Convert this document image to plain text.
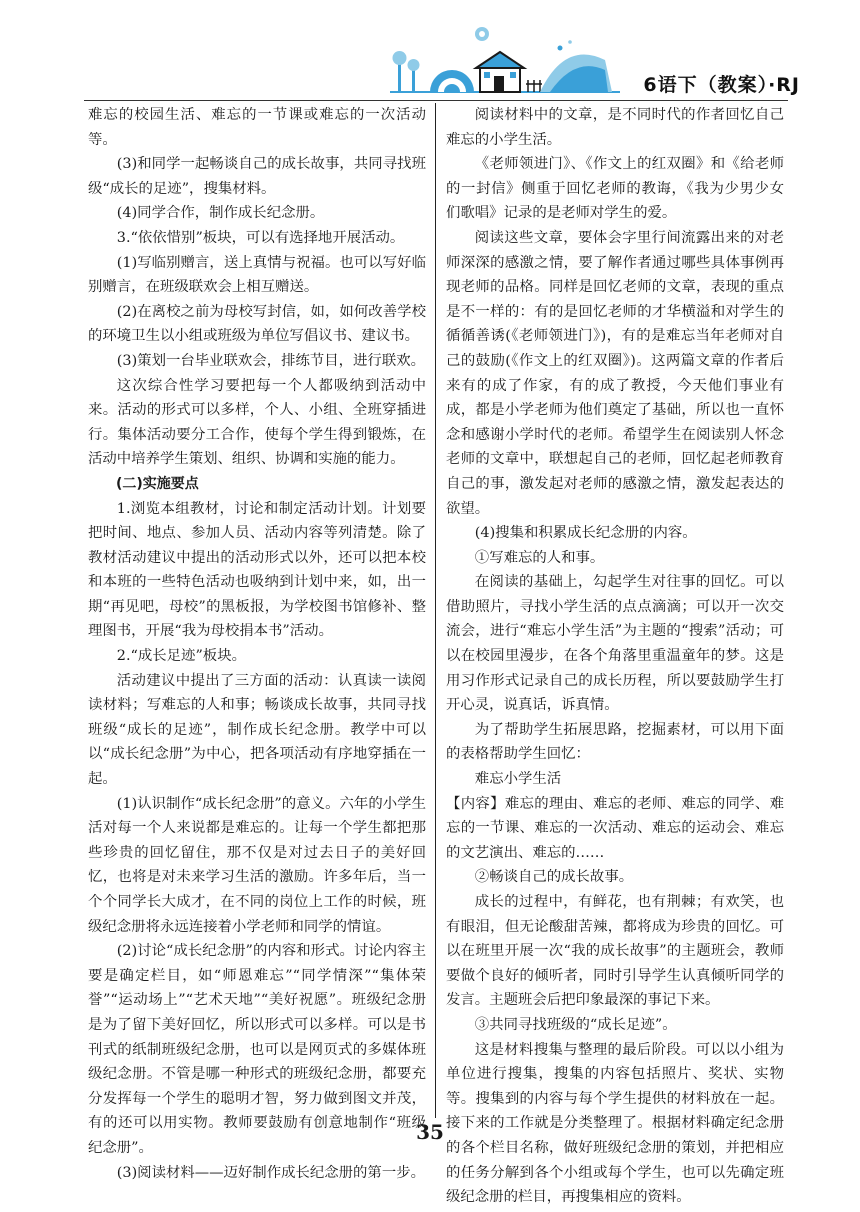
6语下（教案）·RJ

难忘的校园生活、难忘的一节课或难忘的一次活动等。

(3)和同学一起畅谈自己的成长故事，共同寻找班级“成长的足迹”，搜集材料。

(4)同学合作，制作成长纪念册。

3.“依依惜别”板块，可以有选择地开展活动。

(1)写临别赠言，送上真情与祝福。也可以写好临别赠言，在班级联欢会上相互赠送。

(2)在离校之前为母校写封信，如，如何改善学校的环境卫生以小组或班级为单位写倡议书、建议书。

(3)策划一台毕业联欢会，排练节目，进行联欢。

这次综合性学习要把每一个人都吸纳到活动中来。活动的形式可以多样，个人、小组、全班穿插进行。集体活动要分工合作，使每个学生得到锻炼，在活动中培养学生策划、组织、协调和实施的能力。

(二)实施要点

1.浏览本组教材，讨论和制定活动计划。计划要把时间、地点、参加人员、活动内容等列清楚。除了教材活动建议中提出的活动形式以外，还可以把本校和本班的一些特色活动也吸纳到计划中来，如，出一期“再见吧，母校”的黑板报，为学校图书馆修补、整理图书，开展“我为母校捐本书”活动。

2.“成长足迹”板块。

活动建议中提出了三方面的活动：认真读一读阅读材料；写难忘的人和事；畅谈成长故事，共同寻找班级“成长的足迹”，制作成长纪念册。教学中可以以“成长纪念册”为中心，把各项活动有序地穿插在一起。

(1)认识制作“成长纪念册”的意义。六年的小学生活对每一个人来说都是难忘的。让每一个学生都把那些珍贵的回忆留住，那不仅是对过去日子的美好回忆，也将是对未来学习生活的激励。许多年后，当一个个同学长大成才，在不同的岗位上工作的时候，班级纪念册将永远连接着小学老师和同学的情谊。

(2)讨论“成长纪念册”的内容和形式。讨论内容主要是确定栏目，如“师恩难忘”“同学情深”“集体荣誉”“运动场上”“艺术天地”“美好祝愿”。班级纪念册是为了留下美好回忆，所以形式可以多样。可以是书刊式的纸制班级纪念册，也可以是网页式的多媒体班级纪念册。不管是哪一种形式的班级纪念册，都要充分发挥每一个学生的聪明才智，努力做到图文并茂，有的还可以用实物。教师要鼓励有创意地制作“班级纪念册”。

(3)阅读材料——迈好制作成长纪念册的第一步。

阅读材料中的文章，是不同时代的作者回忆自己难忘的小学生活。

《老师领进门》、《作文上的红双圈》和《给老师的一封信》侧重于回忆老师的教诲，《我为少男少女们歌唱》记录的是老师对学生的爱。

阅读这些文章，要体会字里行间流露出来的对老师深深的感激之情，要了解作者通过哪些具体事例再现老师的品格。同样是回忆老师的文章，表现的重点是不一样的：有的是回忆老师的才华横溢和对学生的循循善诱(《老师领进门》)，有的是难忘当年老师对自己的鼓励(《作文上的红双圈》)。这两篇文章的作者后来有的成了作家，有的成了教授，今天他们事业有成，都是小学老师为他们奠定了基础，所以也一直怀念和感谢小学时代的老师。希望学生在阅读别人怀念老师的文章中，联想起自己的老师，回忆起老师教育自己的事，激发起对老师的感激之情，激发起表达的欲望。

(4)搜集和积累成长纪念册的内容。

①写难忘的人和事。

在阅读的基础上，勾起学生对往事的回忆。可以借助照片，寻找小学生活的点点滴滴；可以开一次交流会，进行“难忘小学生活”为主题的“搜索”活动；可以在校园里漫步，在各个角落里重温童年的梦。这是用习作形式记录自己的成长历程，所以要鼓励学生打开心灵，说真话，诉真情。

为了帮助学生拓展思路，挖掘素材，可以用下面的表格帮助学生回忆：

难忘小学生活

【内容】难忘的理由、难忘的老师、难忘的同学、难忘的一节课、难忘的一次活动、难忘的运动会、难忘的文艺演出、难忘的……

②畅谈自己的成长故事。

成长的过程中，有鲜花，也有荆棘；有欢笑，也有眼泪，但无论酸甜苦辣，都将成为珍贵的回忆。可以在班里开展一次“我的成长故事”的主题班会，教师要做个良好的倾听者，同时引导学生认真倾听同学的发言。主题班会后把印象最深的事记下来。

③共同寻找班级的“成长足迹”。

这是材料搜集与整理的最后阶段。可以以小组为单位进行搜集，搜集的内容包括照片、奖状、实物等。搜集到的内容与每个学生提供的材料放在一起。接下来的工作就是分类整理了。根据材料确定纪念册的各个栏目名称，做好班级纪念册的策划，并把相应的任务分解到各个小组或每个学生，也可以先确定班级纪念册的栏目，再搜集相应的资料。

35
